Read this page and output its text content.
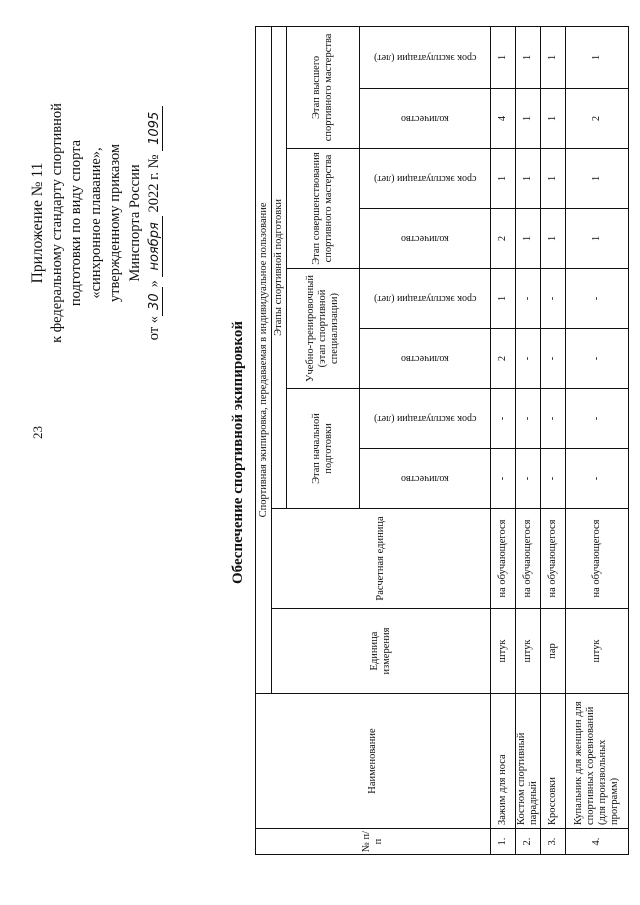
23
Приложение № 11 к федеральному стандарту спортивной подготовки по виду спорта «синхронное плавание», утвержденному приказом Минспорта России
от «30» ноября 2022 г. № 1095
Обеспечение спортивной экипировкой
№ п/п	Наименование	Спортивная экипировка, передаваемая в индивидуальное пользование									
		Единица измерения	Расчетная единица	Этапы спортивной подготовки							
				Этап начальной подготовки		Учебно-тренировочный (этап спортивной специализации)		Этап совершенствования спортивного мастерства		Этап высшего спортивного мастерства	

				количество	срок эксплуатации (лет)	количество	срок эксплуатации (лет)	количество	срок эксплуатации (лет)	количество	срок эксплуатации (лет)

1.	Зажим для носа	штук	на обучающегося	-	-	2	1	2	1	4	1
2.	Костюм спортивный парадный	штук	на обучающегося	-	-	-	-	1	1	1	1
3.	Кроссовки	пар	на обучающегося	-	-	-	-	1	1	1	1
4.	Купальник для женщин для спортивных соревнований (для произвольных программ)	штук	на обучающегося	-	-	-	-	1	1	2	1
